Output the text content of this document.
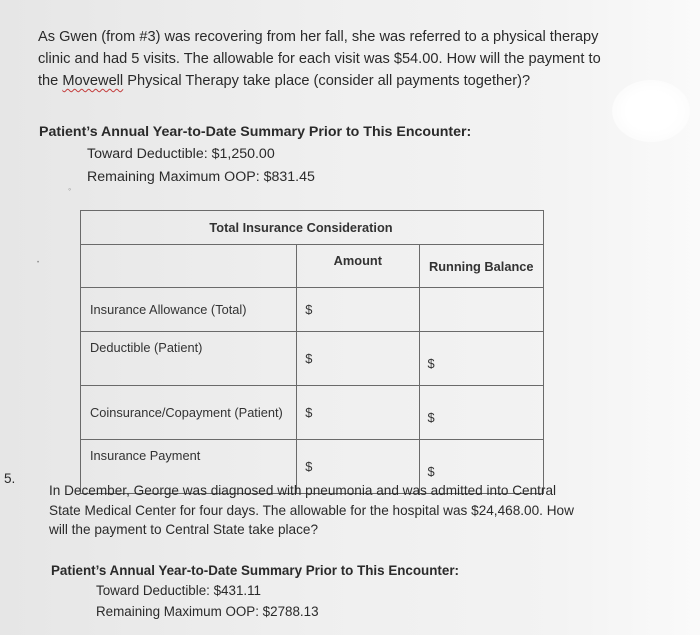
As Gwen (from #3) was recovering from her fall, she was referred to a physical therapy
clinic and had 5 visits. The allowable for each visit was $54.00. How will the payment to
the Movewell Physical Therapy take place (consider all payments together)?
Patient’s Annual Year-to-Date Summary Prior to This Encounter:
Toward Deductible: $1,250.00
Remaining Maximum OOP: $831.45
◦
•
Total Insurance Consideration		
	Amount	Running Balance
Insurance Allowance (Total)	$	
Deductible (Patient)	$	$
Coinsurance/Copayment (Patient)	$	$
Insurance Payment	$	$
5.
In December, George was diagnosed with pneumonia and was admitted into Central
State Medical Center for four days. The allowable for the hospital was $24,468.00. How
will the payment to Central State take place?
Patient’s Annual Year-to-Date Summary Prior to This Encounter:
Toward Deductible: $431.11
Remaining Maximum OOP: $2788.13
